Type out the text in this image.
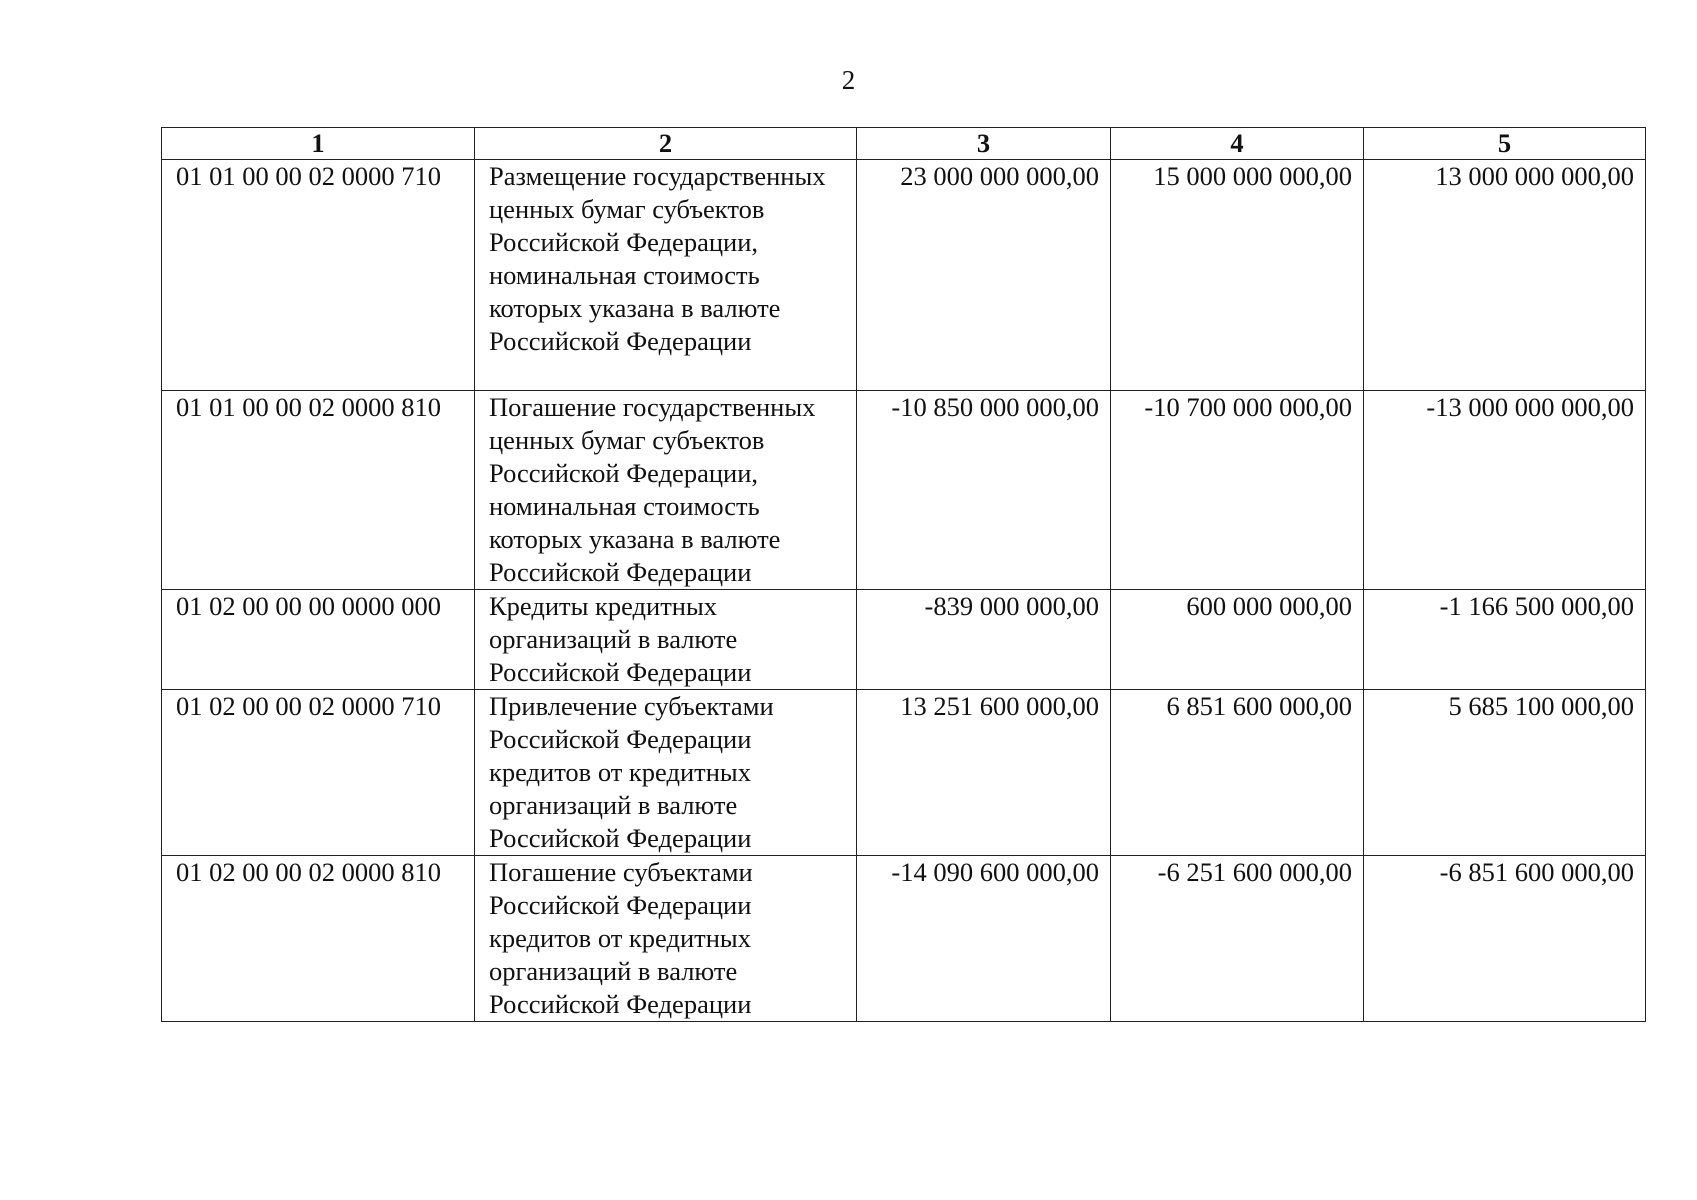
2
1	2	3	4	5
01 01 00 00 02 0000 710	Размещение государственных ценных бумаг субъектов Российской Федерации, номинальная стоимость которых указана в валюте Российской Федерации	23 000 000 000,00	15 000 000 000,00	13 000 000 000,00
01 01 00 00 02 0000 810	Погашение государственных ценных бумаг субъектов Российской Федерации, номинальная стоимость которых указана в валюте Российской Федерации	-10 850 000 000,00	-10 700 000 000,00	-13 000 000 000,00
01 02 00 00 00 0000 000	Кредиты кредитных организаций в валюте Российской Федерации	-839 000 000,00	600 000 000,00	-1 166 500 000,00
01 02 00 00 02 0000 710	Привлечение субъектами Российской Федерации кредитов от кредитных организаций в валюте Российской Федерации	13 251 600 000,00	6 851 600 000,00	5 685 100 000,00
01 02 00 00 02 0000 810	Погашение субъектами Российской Федерации кредитов от кредитных организаций в валюте Российской Федерации	-14 090 600 000,00	-6 251 600 000,00	-6 851 600 000,00
